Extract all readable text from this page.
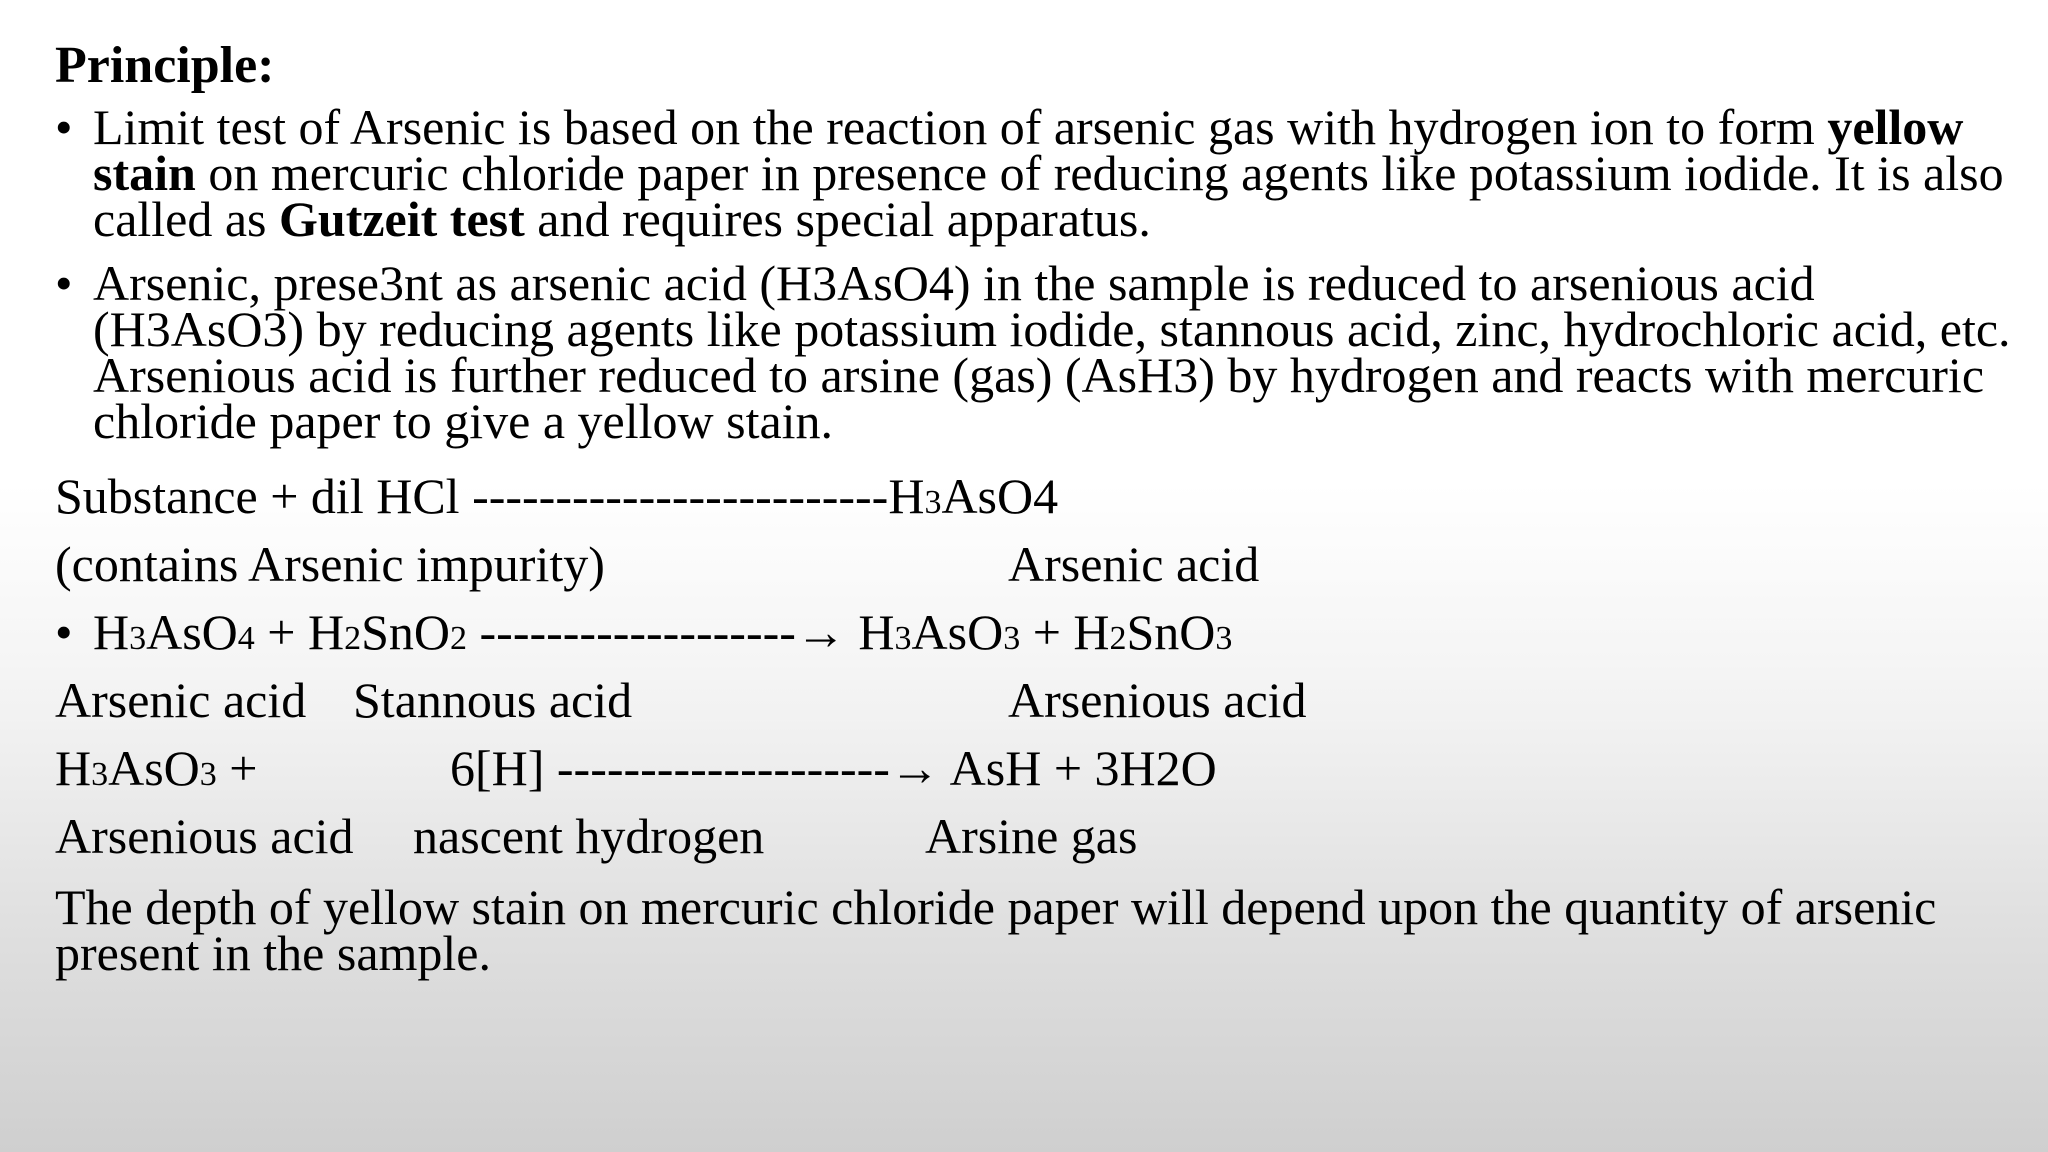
Principle:
• Limit test of Arsenic is based on the reaction of arsenic gas with hydrogen ion to form yellow stain on mercuric chloride paper in presence of reducing agents like potassium iodide. It is also called as Gutzeit test and requires special apparatus.
• Arsenic, prese3nt as arsenic acid (H3AsO4) in the sample is reduced to arsenious acid (H3AsO3) by reducing agents like potassium iodide, stannous acid, zinc, hydrochloric acid, etc. Arsenious acid is further reduced to arsine (gas) (AsH3) by hydrogen and reacts with mercuric chloride paper to give a yellow stain.

Substance + dil HCl -------------------------H3AsO4

(contains Arsenic impurity)

	Arsenic acid

•

H3AsO4 + H2SnO2 -------------------→ H3AsO3 + H2SnO3

Arsenic acid

Stannous acid

	Arsenious acid

H3AsO3 +

	6[H] --------------------→ AsH + 3H2O

Arsenious acid

nascent hydrogen

	Arsine gas

The depth of yellow stain on mercuric chloride paper will depend upon the quantity of arsenic present in the sample.
